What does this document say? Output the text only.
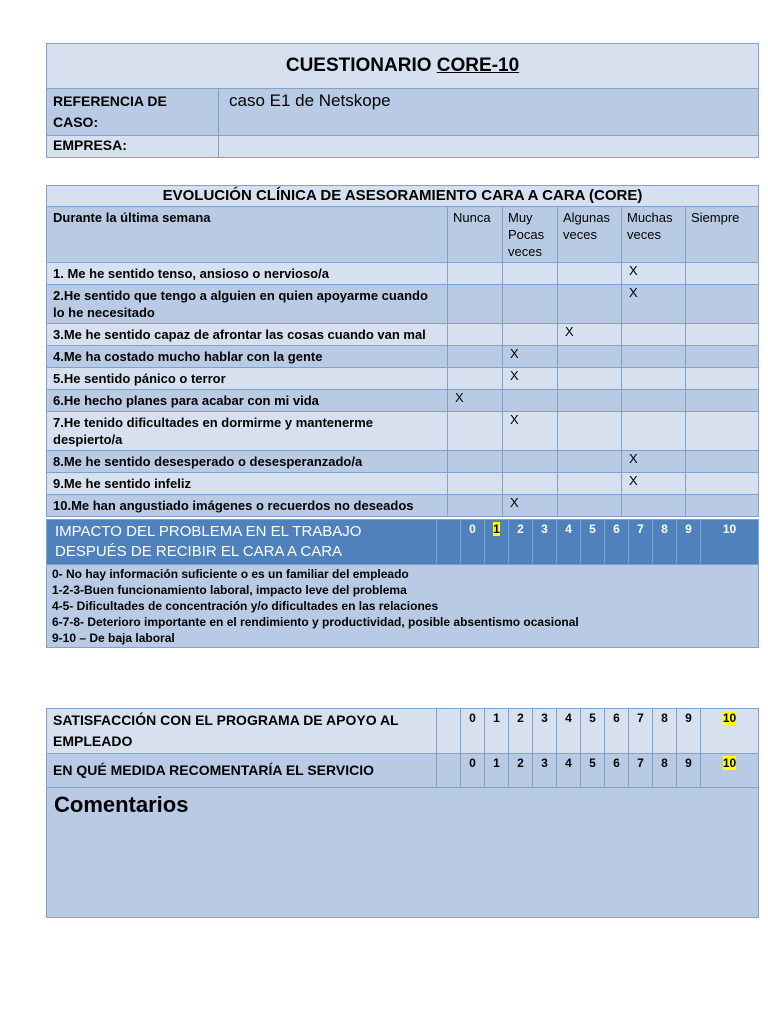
CUESTIONARIO CORE-10	
REFERENCIA DE CASO:	caso E1 de Netskope
EMPRESA:	
EVOLUCIÓN CLÍNICA DE ASESORAMIENTO CARA A CARA (CORE)					
Durante la última semana	Nunca	Muy Pocas veces	Algunas veces	Muchas veces	Siempre
1. Me he sentido tenso, ansioso o nervioso/a				X	
2.He sentido que tengo a alguien en quien apoyarme cuando lo he necesitado				X	
3.Me he sentido capaz de afrontar las cosas cuando van mal			X		
4.Me ha costado mucho hablar con la gente		X			
5.He sentido pánico o terror		X			
6.He hecho planes para acabar con mi vida	X				
7.He tenido dificultades en dormirme y mantenerme despierto/a		X			
8.Me he sentido desesperado o desesperanzado/a				X	
9.Me he sentido infeliz				X	
10.Me han angustiado imágenes o recuerdos no deseados		X			
IMPACTO DEL PROBLEMA EN EL TRABAJO
DESPUÉS DE RECIBIR EL CARA A CARA
		0	1	2	3	4	5	6	7	8	9	10

0- No hay información suficiente o es un familiar del empleado
1-2-3-Buen funcionamiento laboral, impacto leve del problema
4-5- Dificultades de concentración y/o dificultades en las relaciones
6-7-8- Deterioro importante en el rendimiento y productividad, posible absentismo ocasional
9-10 – De baja laboral
SATISFACCIÓN CON EL PROGRAMA DE APOYO AL EMPLEADO		0	1	2	3	4	5	6	7	8	9	10
EN QUÉ MEDIDA RECOMENTARÍA EL SERVICIO		0	1	2	3	4	5	6	7	8	9	10

Comentarios												
